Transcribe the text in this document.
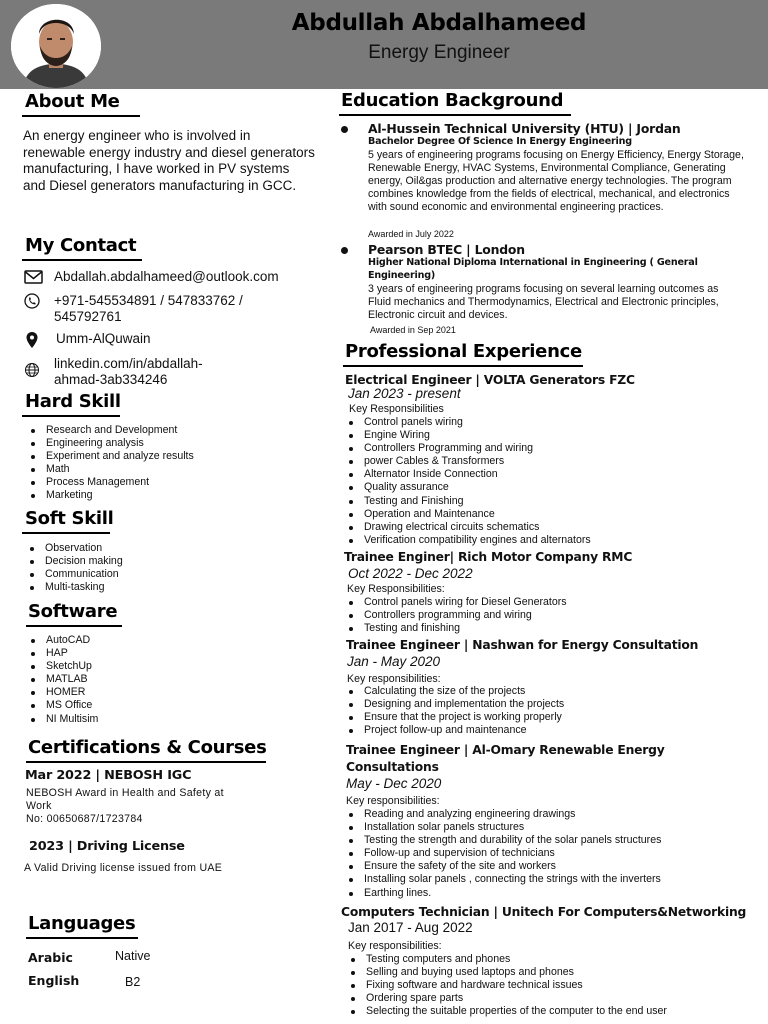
Abdullah Abdalhameed
Energy Engineer
About Me
An energy engineer who is involved in renewable energy industry and diesel generators manufacturing, I have worked in PV systems and Diesel generators manufacturing in GCC.
My Contact
Abdallah.abdalhameed@outlook.com
+971-545534891 / 547833762 / 545792761
Umm-AlQuwain
linkedin.com/in/abdallah-ahmad-3ab334246
Hard Skill
Research and Development
Engineering analysis
Experiment and analyze results
Math
Process Management
Marketing
Soft Skill
Observation
Decision making
Communication
Multi-tasking
Software
AutoCAD
HAP
SketchUp
MATLAB
HOMER
MS Office
NI Multisim
Certifications & Courses
Mar 2022 | NEBOSH IGC
NEBOSH Award in Health and Safety at Work
No: 00650687/1723784
2023 | Driving License
A Valid Driving license issued from UAE
Languages
Arabic	Native
English	B2
Education Background
Al-Hussein Technical University (HTU) | Jordan
Bachelor Degree Of Science In Energy Engineering
5 years of engineering programs focusing on Energy Efficiency, Energy Storage, Renewable Energy, HVAC Systems, Environmental Compliance, Generating energy, Oil&gas production and alternative energy technologies. The program combines knowledge from the fields of electrical, mechanical, and electronics with sound economic and environmental engineering practices.
Awarded in July 2022
Pearson BTEC | London
Higher National Diploma International in Engineering ( General Engineering)
3 years of engineering programs focusing on several learning outcomes as Fluid mechanics and Thermodynamics, Electrical and Electronic principles, Electronic circuit and devices.
Awarded in Sep 2021
Professional Experience
Electrical Engineer | VOLTA Generators FZC
Jan 2023 - present
Key Responsibilities
Control panels wiring
Engine Wiring
Controllers Programming and wiring
power Cables & Transformers
Alternator Inside Connection
Quality assurance
Testing and Finishing
Operation and Maintenance
Drawing electrical circuits schematics
Verification compatibility engines and alternators
Trainee Enginer| Rich Motor Company RMC
Oct 2022 - Dec 2022
Key Responsibilities:
Control panels wiring for Diesel Generators
Controllers programming and wiring
Testing and finishing
Trainee Engineer | Nashwan for Energy Consultation
Jan - May 2020
Key responsibilities:
Calculating the size of the projects
Designing and implementation the projects
Ensure that the project is working properly
Project follow-up and maintenance
Trainee Engineer | Al-Omary Renewable Energy Consultations
May - Dec 2020
Key responsibilities:
Reading and analyzing engineering drawings
Installation solar panels structures
Testing the strength and durability of the solar panels structures
Follow-up and supervision of technicians
Ensure the safety of the site and workers
Installing solar panels , connecting the strings with the inverters
Earthing lines.
Computers Technician | Unitech For Computers&Networking
Jan 2017 - Aug 2022
Key responsibilities:
Testing computers and phones
Selling and buying used laptops and phones
Fixing software and hardware technical issues
Ordering spare parts
Selecting the suitable properties of the computer to the end user
